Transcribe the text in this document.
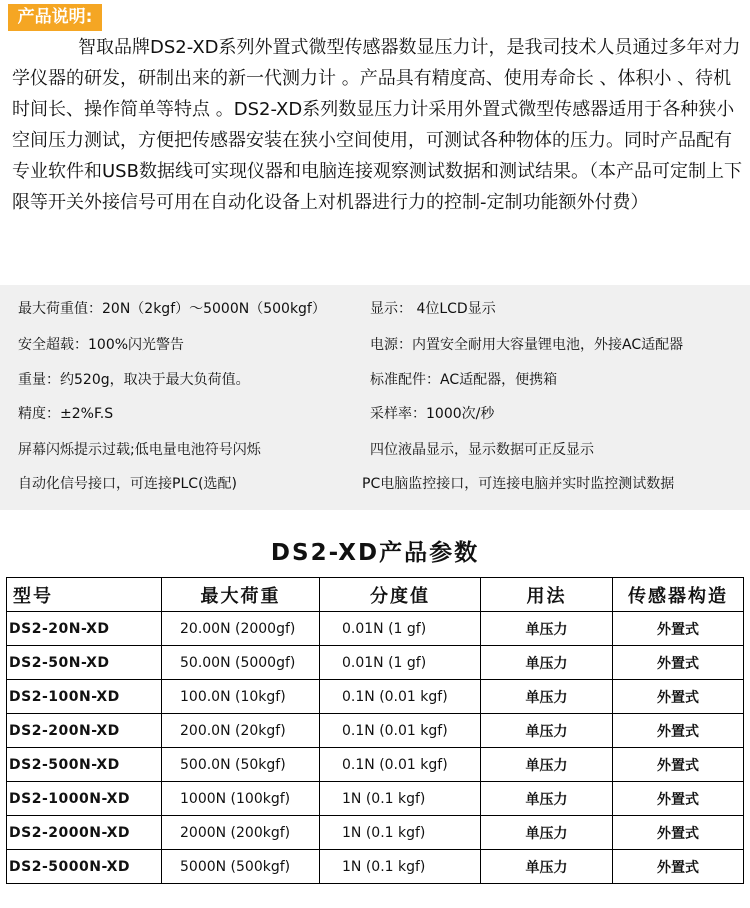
产品说明:
智取品牌DS2-XD系列外置式微型传感器数显压力计，是我司技术人员通过多年对力学仪器的研发，研制出来的新一代测力计 。产品具有精度高、使用寿命长 、体积小 、待机时间长、操作简单等特点 。DS2-XD系列数显压力计采用外置式微型传感器适用于各种狭小空间压力测试，方便把传感器安装在狭小空间使用，可测试各种物体的压力。同时产品配有专业软件和USB数据线可实现仪器和电脑连接观察测试数据和测试结果。（本产品可定制上下限等开关外接信号可用在自动化设备上对机器进行力的控制-定制功能额外付费）
最大荷重值：20N（2kgf）～5000N（500kgf）
安全超载：100%闪光警告
重量：约520g，取决于最大负荷值。
精度：±2%F.S
屏幕闪烁提示过载;低电量电池符号闪烁
自动化信号接口，可连接PLC(选配)
显示： 4位LCD显示
电源：内置安全耐用大容量锂电池，外接AC适配器
标准配件：AC适配器，便携箱
采样率：1000次/秒
四位液晶显示，显示数据可正反显示
PC电脑监控接口，可连接电脑并实时监控测试数据
DS2-XD产品参数
型号	最大荷重	分度值	用法	传感器构造
DS2-20N-XD	20.00N (2000gf)	0.01N (1 gf)	单压力	外置式
DS2-50N-XD	50.00N (5000gf)	0.01N (1 gf)	单压力	外置式
DS2-100N-XD	100.0N (10kgf)	0.1N (0.01 kgf)	单压力	外置式
DS2-200N-XD	200.0N (20kgf)	0.1N (0.01 kgf)	单压力	外置式
DS2-500N-XD	500.0N (50kgf)	0.1N (0.01 kgf)	单压力	外置式
DS2-1000N-XD	1000N (100kgf)	1N (0.1 kgf)	单压力	外置式
DS2-2000N-XD	2000N (200kgf)	1N (0.1 kgf)	单压力	外置式
DS2-5000N-XD	5000N (500kgf)	1N (0.1 kgf)	单压力	外置式
